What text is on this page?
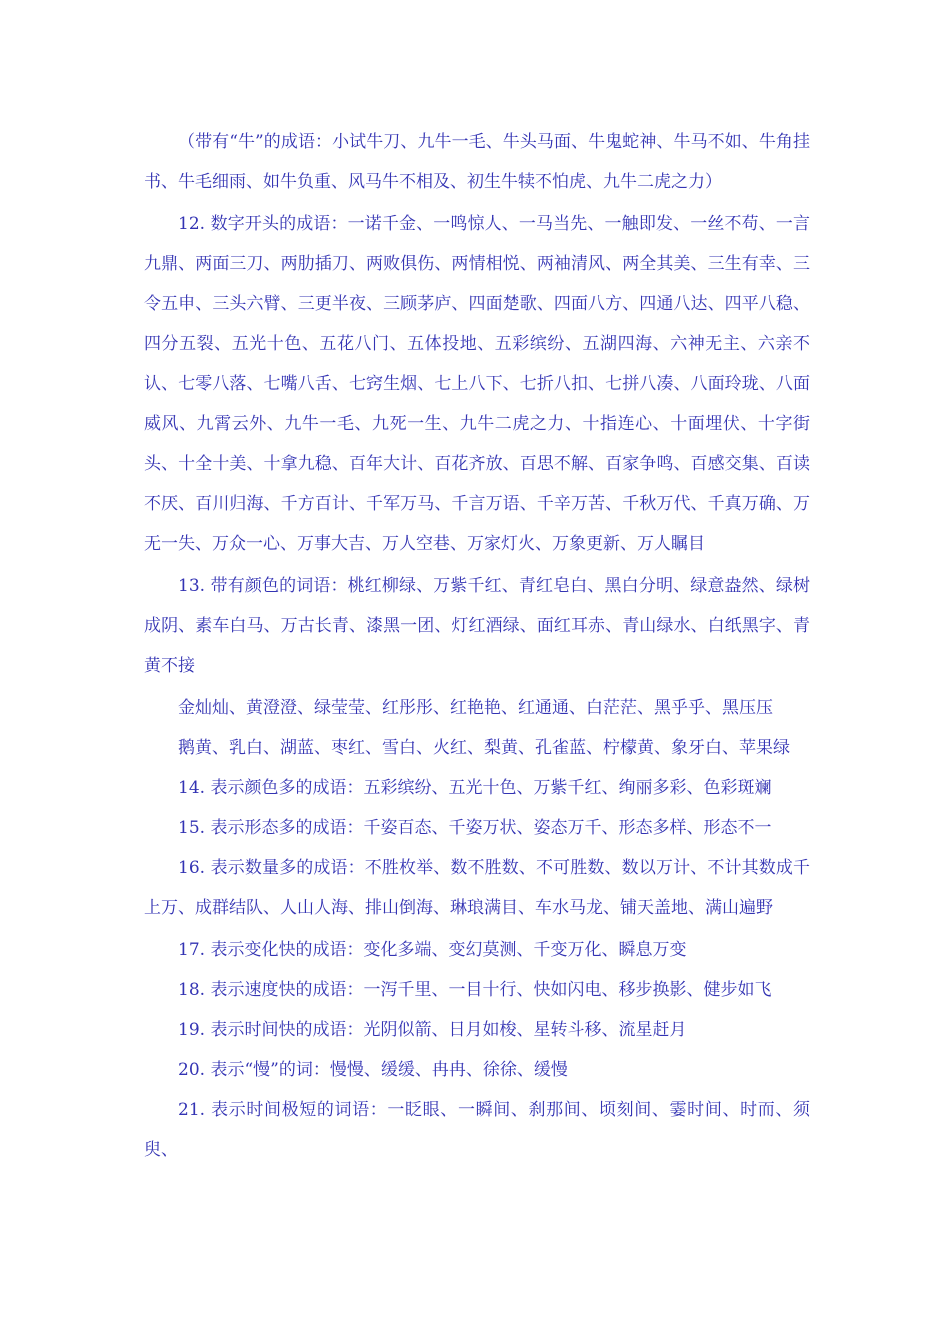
（带有“牛”的成语：小试牛刀、九牛一毛、牛头马面、牛鬼蛇神、牛马不如、牛角挂书、牛毛细雨、如牛负重、风马牛不相及、初生牛犊不怕虎、九牛二虎之力）

12. 数字开头的成语：一诺千金、一鸣惊人、一马当先、一触即发、一丝不苟、一言九鼎、两面三刀、两肋插刀、两败俱伤、两情相悦、两袖清风、两全其美、三生有幸、三令五申、三头六臂、三更半夜、三顾茅庐、四面楚歌、四面八方、四通八达、四平八稳、四分五裂、五光十色、五花八门、五体投地、五彩缤纷、五湖四海、六神无主、六亲不认、七零八落、七嘴八舌、七窍生烟、七上八下、七折八扣、七拼八凑、八面玲珑、八面威风、九霄云外、九牛一毛、九死一生、九牛二虎之力、十指连心、十面埋伏、十字街头、十全十美、十拿九稳、百年大计、百花齐放、百思不解、百家争鸣、百感交集、百读不厌、百川归海、千方百计、千军万马、千言万语、千辛万苦、千秋万代、千真万确、万无一失、万众一心、万事大吉、万人空巷、万家灯火、万象更新、万人瞩目

13. 带有颜色的词语：桃红柳绿、万紫千红、青红皂白、黑白分明、绿意盎然、绿树成阴、素车白马、万古长青、漆黑一团、灯红酒绿、面红耳赤、青山绿水、白纸黑字、青黄不接

金灿灿、黄澄澄、绿莹莹、红彤彤、红艳艳、红通通、白茫茫、黑乎乎、黑压压

鹅黄、乳白、湖蓝、枣红、雪白、火红、梨黄、孔雀蓝、柠檬黄、象牙白、苹果绿

14. 表示颜色多的成语：五彩缤纷、五光十色、万紫千红、绚丽多彩、色彩斑斓

15. 表示形态多的成语：千姿百态、千姿万状、姿态万千、形态多样、形态不一

16. 表示数量多的成语：不胜枚举、数不胜数、不可胜数、数以万计、不计其数成千上万、成群结队、人山人海、排山倒海、琳琅满目、车水马龙、铺天盖地、满山遍野

17. 表示变化快的成语：变化多端、变幻莫测、千变万化、瞬息万变

18. 表示速度快的成语：一泻千里、一目十行、快如闪电、移步换影、健步如飞

19. 表示时间快的成语：光阴似箭、日月如梭、星转斗移、流星赶月

20. 表示“慢”的词：慢慢、缓缓、冉冉、徐徐、缓慢

21. 表示时间极短的词语：一眨眼、一瞬间、刹那间、顷刻间、霎时间、时而、须臾、
